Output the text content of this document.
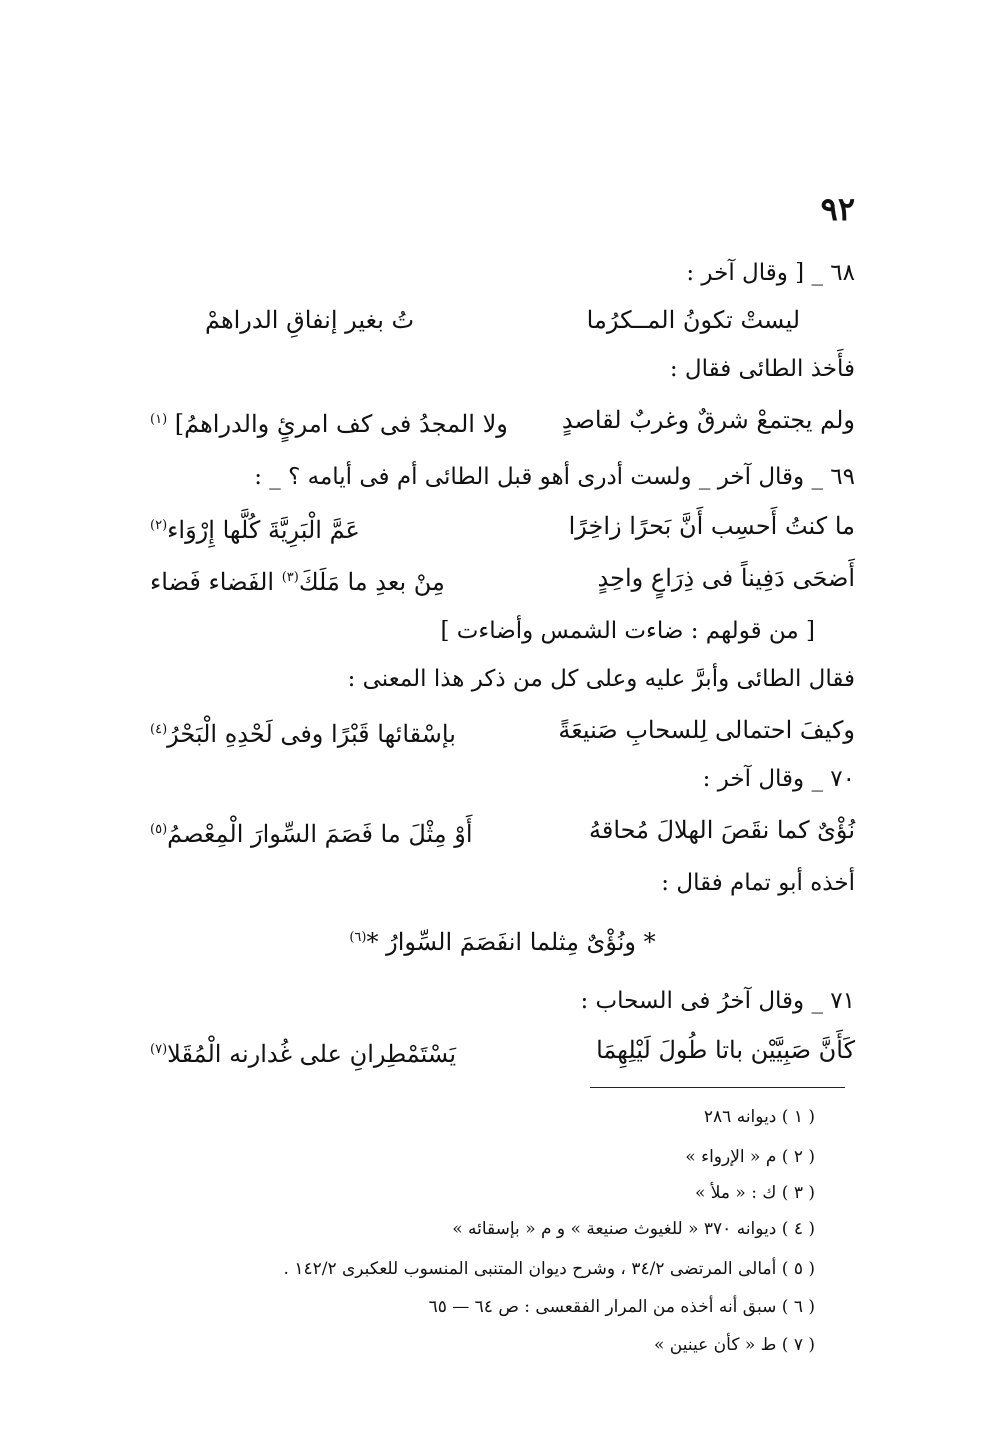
٩٢
٦٨ _ [ وقال آخر :
ليستْ تكونُ المــكرُما
تُ بغير إنفاقِ الدراهمْ
فأَخذ الطائى فقال :
ولم يجتمعْ شرقٌ وغربٌ لقاصدٍ
ولا المجدُ فى كف امرئٍ والدراهمُ] $^{(١)}$
٦٩ _ وقال آخر _ ولست أدرى أهو قبل الطائى أم فى أيامه ؟ _ :
ما كنتُ أَحسِب أَنَّ بَحرًا زاخِرًا
عَمَّ الْبَرِيَّةَ كُلَّها إِرْوَاء$^{(٢)}$
أَضحَى دَفِيناً فى ذِرَاعٍ واحِدٍ
مِنْ بعدِ ما مَلَكَ$^{(٣)}$ الفَضاء فَضاء
[ من قولهم : ضاءت الشمس وأضاءت ]
فقال الطائى وأبرَّ عليه وعلى كل من ذكر هذا المعنى :
وكيفَ احتمالى لِلسحابِ صَنيعَةً
بإسْقائها قَبْرًا وفى لَحْدِهِ الْبَحْرُ$^{(٤)}$
٧٠ _ وقال آخر :
نُؤْىٌ كما نقَصَ الهلالَ مُحاقهُ
أَوْ مِثْلَ ما فَصَمَ السِّوارَ الْمِعْصمُ$^{(٥)}$
أخذه أبو تمام فقال :
* ونُؤْىٌ مِثلما انفَصَمَ السِّوارُ *$^{(٦)}$
٧١ _ وقال آخرُ فى السحاب :
كَأَنَّ صَبِيَّيْن باتا طُولَ لَيْلِهِمَا
يَسْتَمْطِرانِ على غُدارنه الْمُقَلا$^{(٧)}$
( ١ ) ديوانه ٢٨٦
( ٢ ) م « الإرواء »
( ٣ ) ك : « ملأ »
( ٤ ) ديوانه ٣٧٠ « للغيوث صنيعة » و م « بإسقائه »
( ٥ ) أمالى المرتضى ٣٤/٢ ، وشرح ديوان المتنبى المنسوب للعكبرى ١٤٢/٢ .
( ٦ ) سبق أنه أخذه من المرار الفقعسى : ص ٦٤ — ٦٥
( ٧ ) ط « كأن عينين »
